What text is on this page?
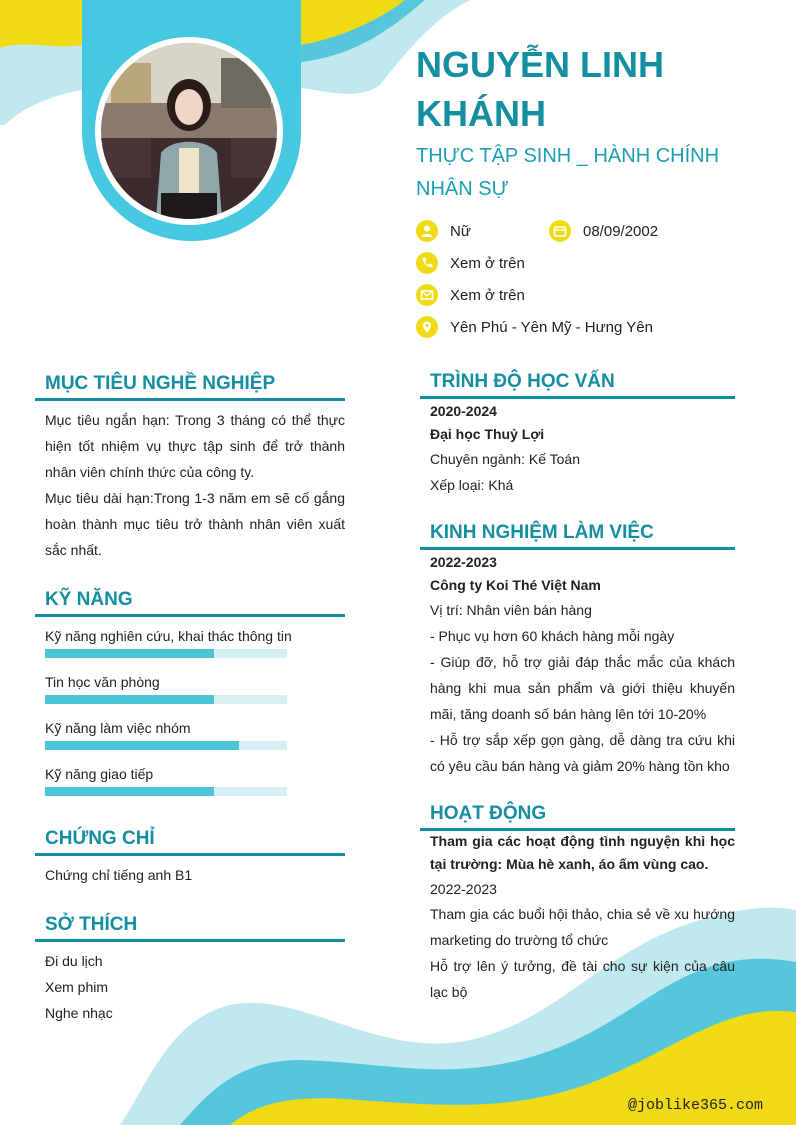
NGUYỄN LINH KHÁNH
THỰC TẬP SINH _ HÀNH CHÍNH NHÂN SỰ
Nữ	08/09/2002
Xem ở trên
Xem ở trên
Yên Phú - Yên Mỹ - Hưng Yên
MỤC TIÊU NGHỀ NGHIỆP
Mục tiêu ngắn hạn: Trong 3 tháng có thể thực hiện tốt nhiệm vụ thực tập sinh để trở thành nhân viên chính thức của công ty.
Mục tiêu dài hạn:Trong 1-3 năm em sẽ cố gắng hoàn thành mục tiêu trở thành nhân viên xuất sắc nhất.
KỸ NĂNG
Kỹ năng nghiên cứu, khai thác thông tin
Tin học văn phòng
Kỹ năng làm việc nhóm
Kỹ năng giao tiếp
CHỨNG CHỈ
Chứng chỉ tiếng anh B1
SỞ THÍCH
Đi du lịch
Xem phim
Nghe nhạc
TRÌNH ĐỘ HỌC VẤN
2020-2024
Đại học Thuỷ Lợi
Chuyên ngành: Kế Toán
Xếp loại: Khá
KINH NGHIỆM LÀM VIỆC
2022-2023
Công ty Koi Thé Việt Nam
Vị trí: Nhân viên bán hàng
- Phục vụ hơn 60 khách hàng mỗi ngày
- Giúp đỡ, hỗ trợ giải đáp thắc mắc của khách hàng khi mua sản phẩm và giới thiệu khuyến mãi, tăng doanh số bán hàng lên tới 10-20%
- Hỗ trợ sắp xếp gọn gàng, dễ dàng tra cứu khi có yêu cầu bán hàng và giảm 20% hàng tồn kho
HOẠT ĐỘNG
Tham gia các hoạt động tình nguyện khi học tại trường: Mùa hè xanh, áo ấm vùng cao.
2022-2023
Tham gia các buổi hội thảo, chia sẻ về xu hướng marketing do trường tổ chức
Hỗ trợ lên ý tưởng, đề tài cho sự kiện của câu lạc bộ
@joblike365.com
